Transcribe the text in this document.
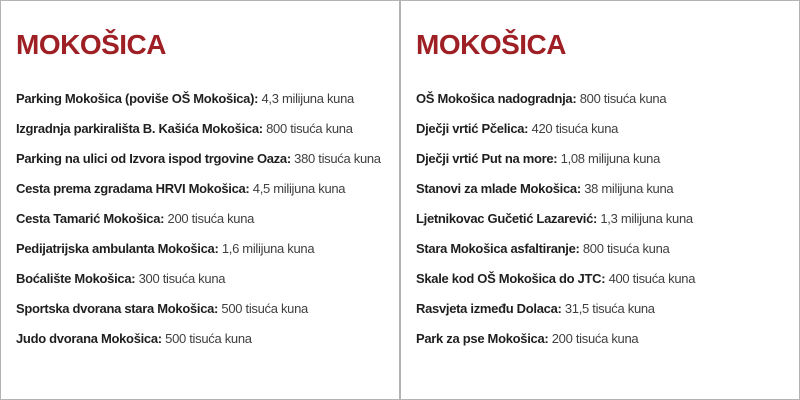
MOKOŠICA
Parking Mokošica (poviše OŠ Mokošica): 4,3 milijuna kuna
Izgradnja parkirališta B. Kašića Mokošica: 800 tisuća kuna
Parking na ulici od Izvora ispod trgovine Oaza: 380 tisuća kuna
Cesta prema zgradama HRVI Mokošica: 4,5 milijuna kuna
Cesta Tamarić Mokošica: 200 tisuća kuna
Pedijatrijska ambulanta Mokošica: 1,6 milijuna kuna
Boćalište Mokošica: 300 tisuća kuna
Sportska dvorana stara Mokošica: 500 tisuća kuna
Judo dvorana Mokošica: 500 tisuća kuna
MOKOŠICA
OŠ Mokošica nadogradnja: 800 tisuća kuna
Dječji vrtić Pčelica: 420 tisuća kuna
Dječji vrtić Put na more: 1,08 milijuna kuna
Stanovi za mlade Mokošica: 38 milijuna kuna
Ljetnikovac Gučetić Lazarević: 1,3 milijuna kuna
Stara Mokošica asfaltiranje: 800 tisuća kuna
Skale kod OŠ Mokošica do JTC: 400 tisuća kuna
Rasvjeta između Dolaca: 31,5 tisuća kuna
Park za pse Mokošica: 200 tisuća kuna
